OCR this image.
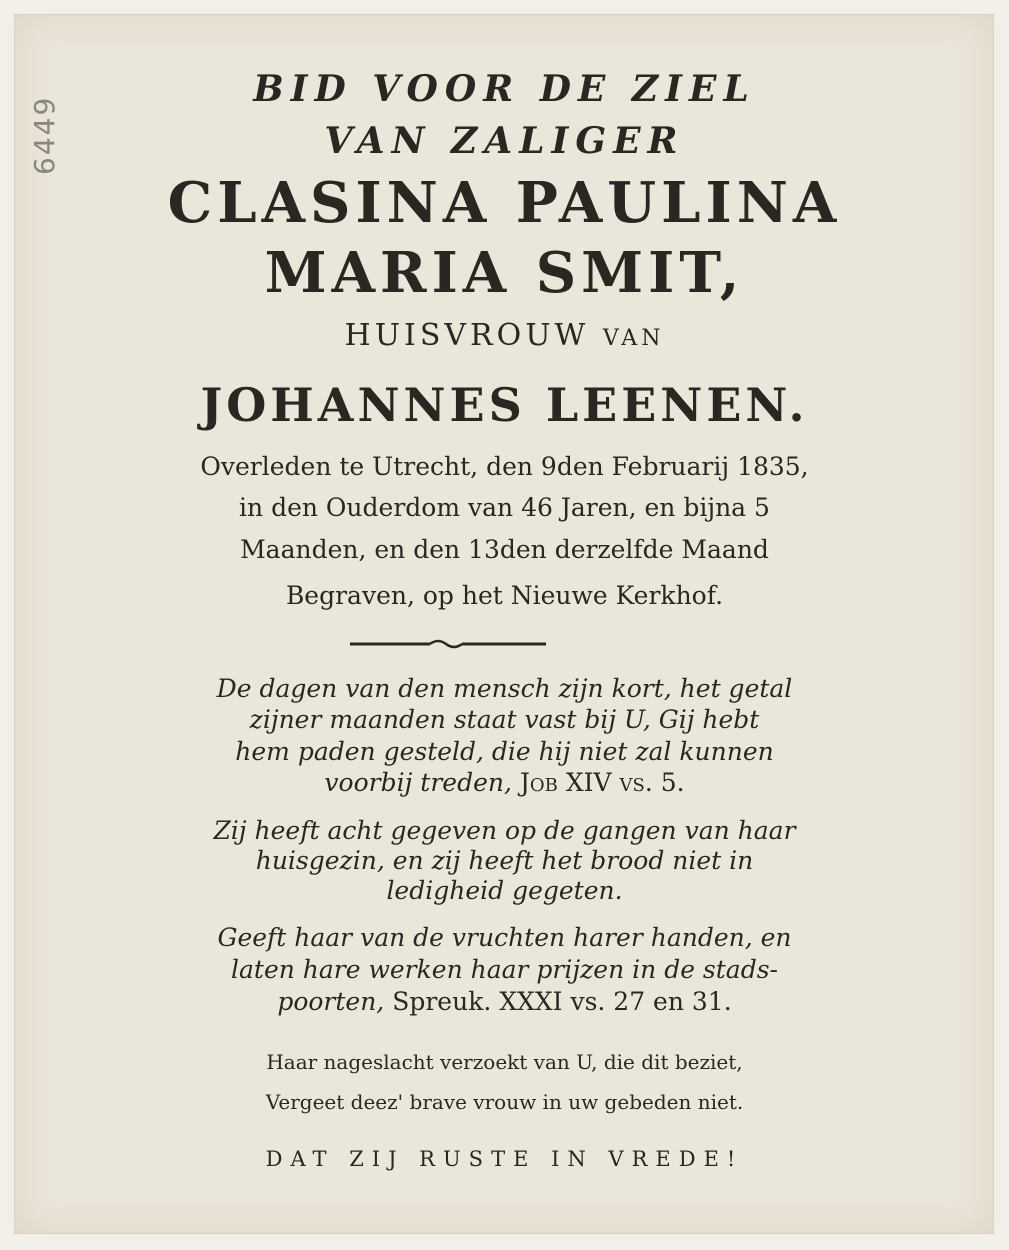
6449
BID VOOR DE ZIEL
VAN ZALIGER
CLASINA PAULINA
MARIA SMIT,
HUISVROUW VAN
JOHANNES LEENEN.
Overleden te Utrecht, den 9den Februarij 1835,
in den Ouderdom van 46 Jaren, en bijna 5
Maanden, en den 13den derzelfde Maand
Begraven, op het Nieuwe Kerkhof.
De dagen van den mensch zijn kort, het getal
zijner maanden staat vast bij U, Gij hebt
hem paden gesteld, die hij niet zal kunnen
voorbij treden, Job XIV vs. 5.
Zij heeft acht gegeven op de gangen van haar
huisgezin, en zij heeft het brood niet in
ledigheid gegeten.
Geeft haar van de vruchten harer handen, en
laten hare werken haar prijzen in de stads-
poorten, Spreuk. XXXI vs. 27 en 31.
Haar nageslacht verzoekt van U, die dit beziet,
Vergeet deez' brave vrouw in uw gebeden niet.
DAT ZIJ RUSTE IN VREDE!
